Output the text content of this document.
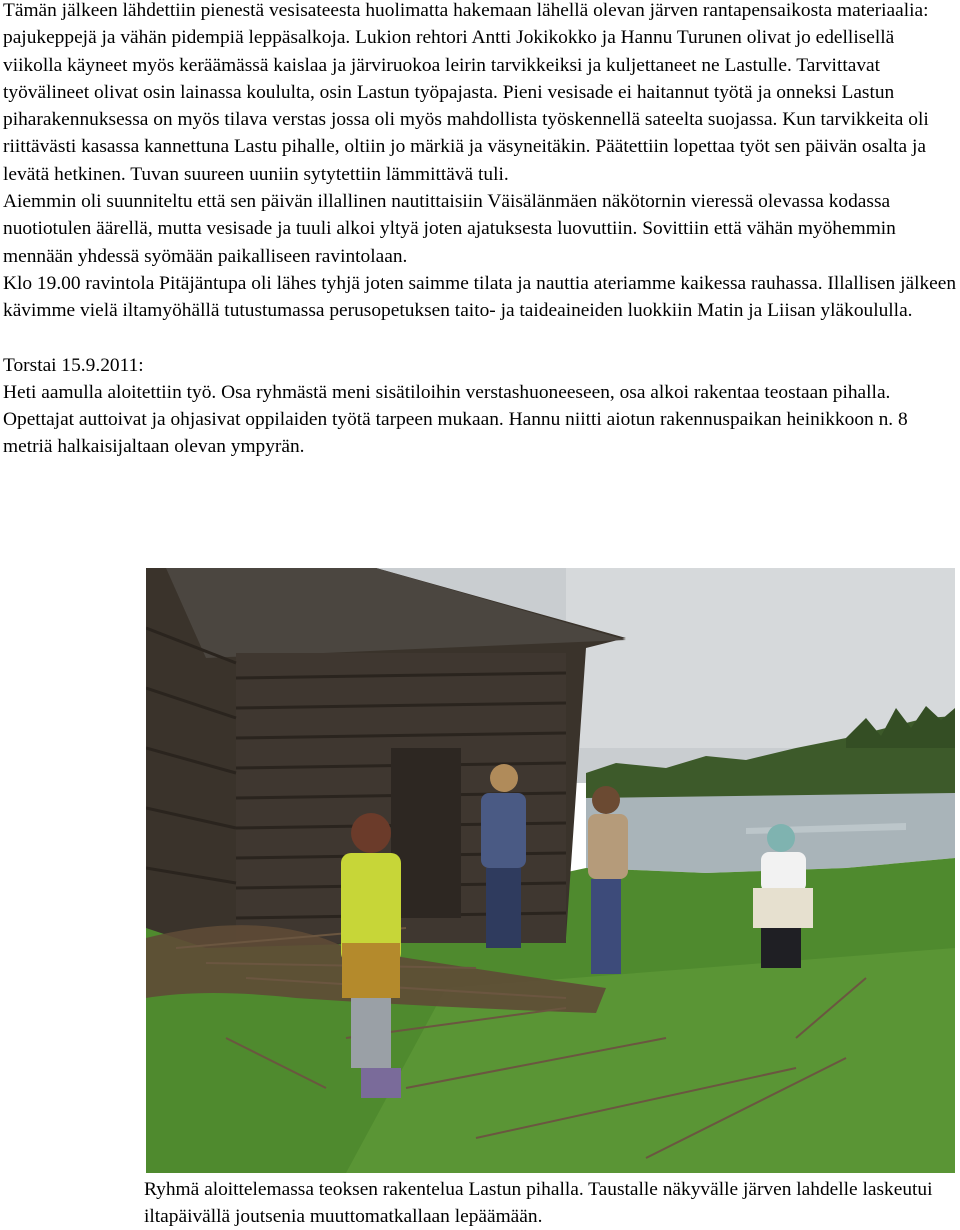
Tämän jälkeen lähdettiin pienestä vesisateesta huolimatta hakemaan lähellä olevan järven rantapensaikosta materiaalia: pajukeppejä ja vähän pidempiä leppäsalkoja. Lukion rehtori Antti Jokikokko ja Hannu Turunen olivat jo edellisellä viikolla käyneet myös keräämässä kaislaa ja järviruokoa leirin tarvikkeiksi ja kuljettaneet ne Lastulle. Tarvittavat työvälineet olivat osin lainassa koululta, osin Lastun työpajasta. Pieni vesisade ei haitannut työtä ja onneksi Lastun piharakennuksessa on myös tilava verstas jossa oli myös mahdollista työskennellä sateelta suojassa. Kun tarvikkeita oli riittävästi kasassa kannettuna Lastu pihalle, oltiin jo märkiä ja väsyneitäkin. Päätettiin lopettaa työt sen päivän osalta ja levätä hetkinen. Tuvan suureen uuniin sytytettiin lämmittävä tuli.

Aiemmin oli suunniteltu että sen päivän illallinen nautittaisiin Väisälänmäen näkötornin vieressä olevassa kodassa nuotiotulen äärellä, mutta vesisade ja tuuli alkoi yltyä joten ajatuksesta luovuttiin. Sovittiin että vähän myöhemmin mennään yhdessä syömään paikalliseen ravintolaan.

Klo 19.00 ravintola Pitäjäntupa oli lähes tyhjä joten saimme tilata ja nauttia ateriamme kaikessa rauhassa. Illallisen jälkeen kävimme vielä iltamyöhällä tutustumassa perusopetuksen taito- ja taideaineiden luokkiin Matin ja Liisan yläkoululla.

Torstai 15.9.2011:

Heti aamulla aloitettiin työ. Osa ryhmästä meni sisätiloihin verstashuoneeseen, osa alkoi rakentaa teostaan pihalla. Opettajat auttoivat ja ohjasivat oppilaiden työtä tarpeen mukaan. Hannu niitti aiotun rakennuspaikan heinikkoon n. 8 metriä halkaisijaltaan olevan ympyrän.

Ryhmä aloittelemassa teoksen rakentelua Lastun pihalla. Taustalle näkyvälle järven lahdelle laskeutui iltapäivällä joutsenia muuttomatkallaan lepäämään.
